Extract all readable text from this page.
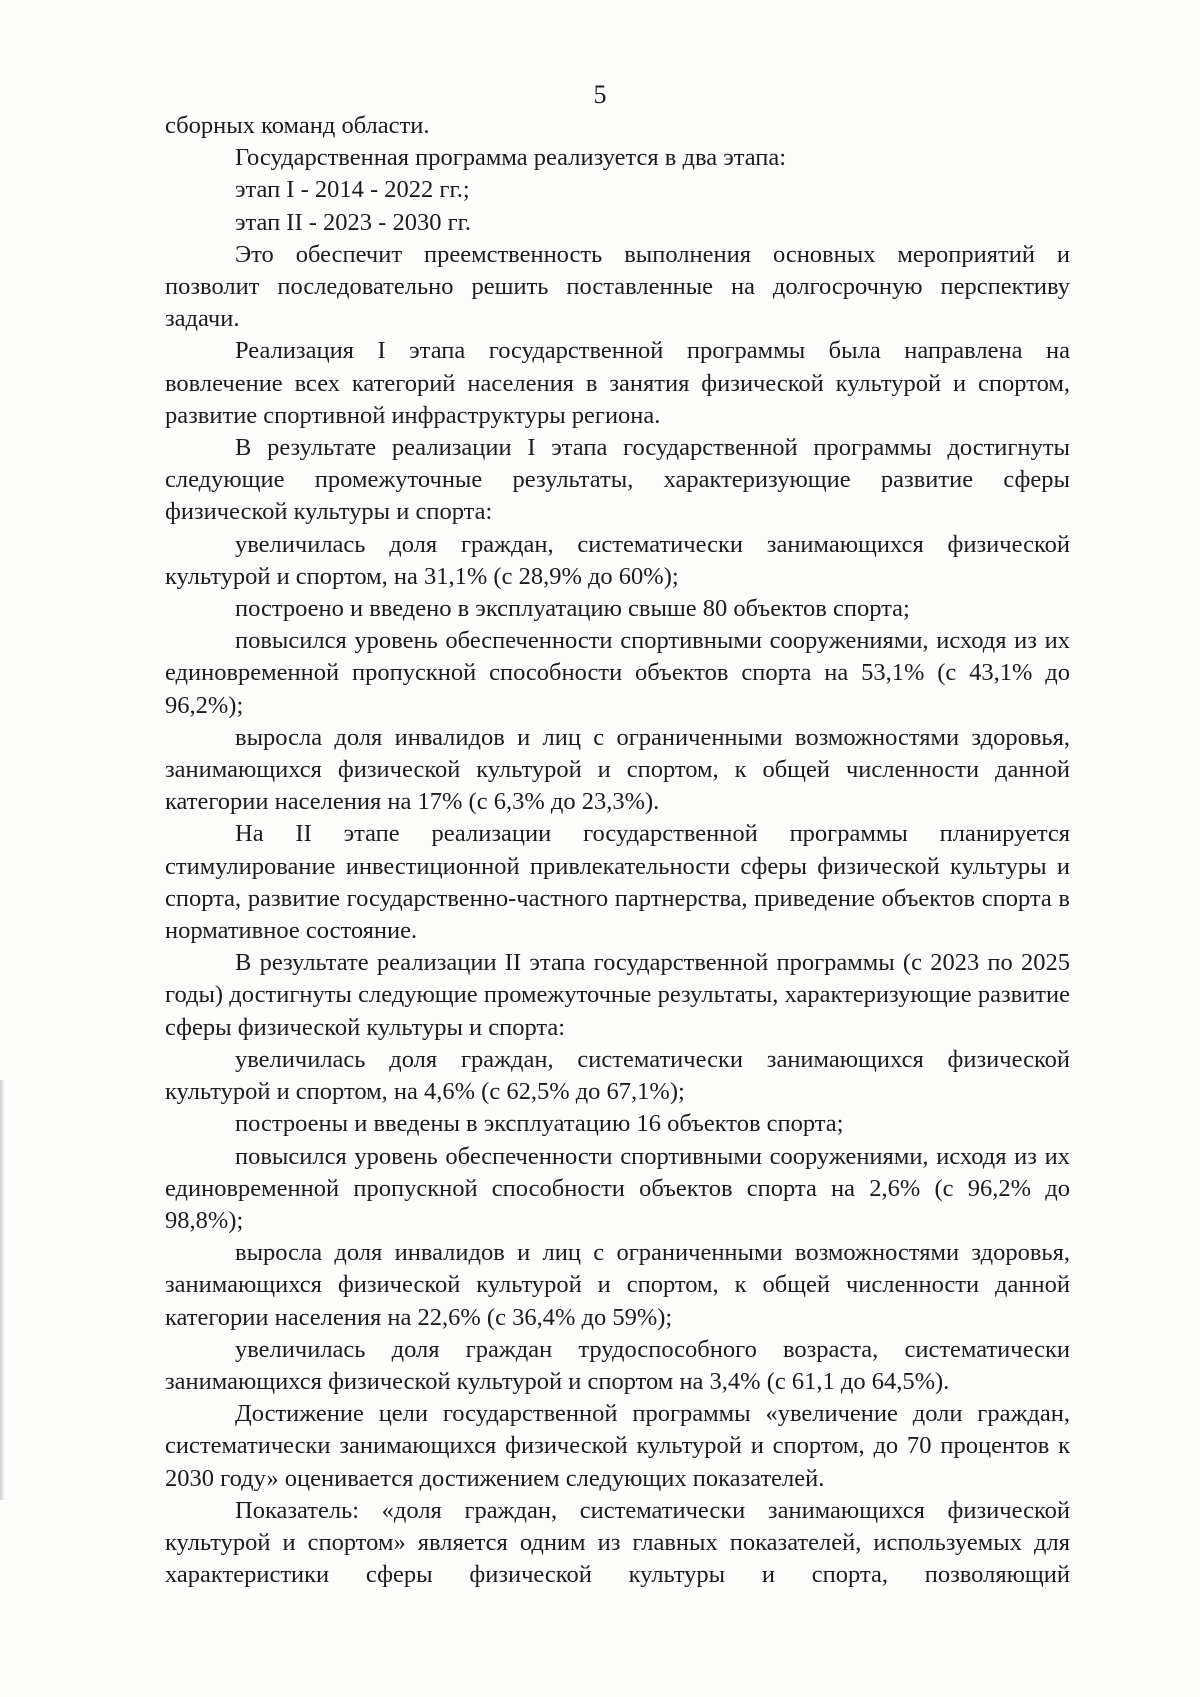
5

сборных команд области.

Государственная программа реализуется в два этапа:

этап I - 2014 - 2022 гг.;

этап II - 2023 - 2030 гг.

Это обеспечит преемственность выполнения основных мероприятий и позволит последовательно решить поставленные на долгосрочную перспективу задачи.

Реализация I этапа государственной программы была направлена на вовлечение всех категорий населения в занятия физической культурой и спортом, развитие спортивной инфраструктуры региона.

В результате реализации I этапа государственной программы достигнуты следующие промежуточные результаты, характеризующие развитие сферы физической культуры и спорта:

увеличилась доля граждан, систематически занимающихся физической культурой и спортом, на 31,1% (с 28,9% до 60%);

построено и введено в эксплуатацию свыше 80 объектов спорта;

повысился уровень обеспеченности спортивными сооружениями, исходя из их единовременной пропускной способности объектов спорта на 53,1% (с 43,1% до 96,2%);

выросла доля инвалидов и лиц с ограниченными возможностями здоровья, занимающихся физической культурой и спортом, к общей численности данной категории населения на 17% (с 6,3% до 23,3%).

На II этапе реализации государственной программы планируется стимулирование инвестиционной привлекательности сферы физической культуры и спорта, развитие государственно-частного партнерства, приведение объектов спорта в нормативное состояние.

В результате реализации II этапа государственной программы (с 2023 по 2025 годы) достигнуты следующие промежуточные результаты, характеризующие развитие сферы физической культуры и спорта:

увеличилась доля граждан, систематически занимающихся физической культурой и спортом, на 4,6% (с 62,5% до 67,1%);

построены и введены в эксплуатацию 16 объектов спорта;

повысился уровень обеспеченности спортивными сооружениями, исходя из их единовременной пропускной способности объектов спорта на 2,6% (с 96,2% до 98,8%);

выросла доля инвалидов и лиц с ограниченными возможностями здоровья, занимающихся физической культурой и спортом, к общей численности данной категории населения на 22,6% (с 36,4% до 59%);

увеличилась доля граждан трудоспособного возраста, систематически занимающихся физической культурой и спортом на 3,4% (с 61,1 до 64,5%).

Достижение цели государственной программы «увеличение доли граждан, систематически занимающихся физической культурой и спортом, до 70 процентов к 2030 году» оценивается достижением следующих показателей.

Показатель: «доля граждан, систематически занимающихся физической культурой и спортом» является одним из главных показателей, используемых для характеристики сферы физической культуры и спорта, позволяющий
